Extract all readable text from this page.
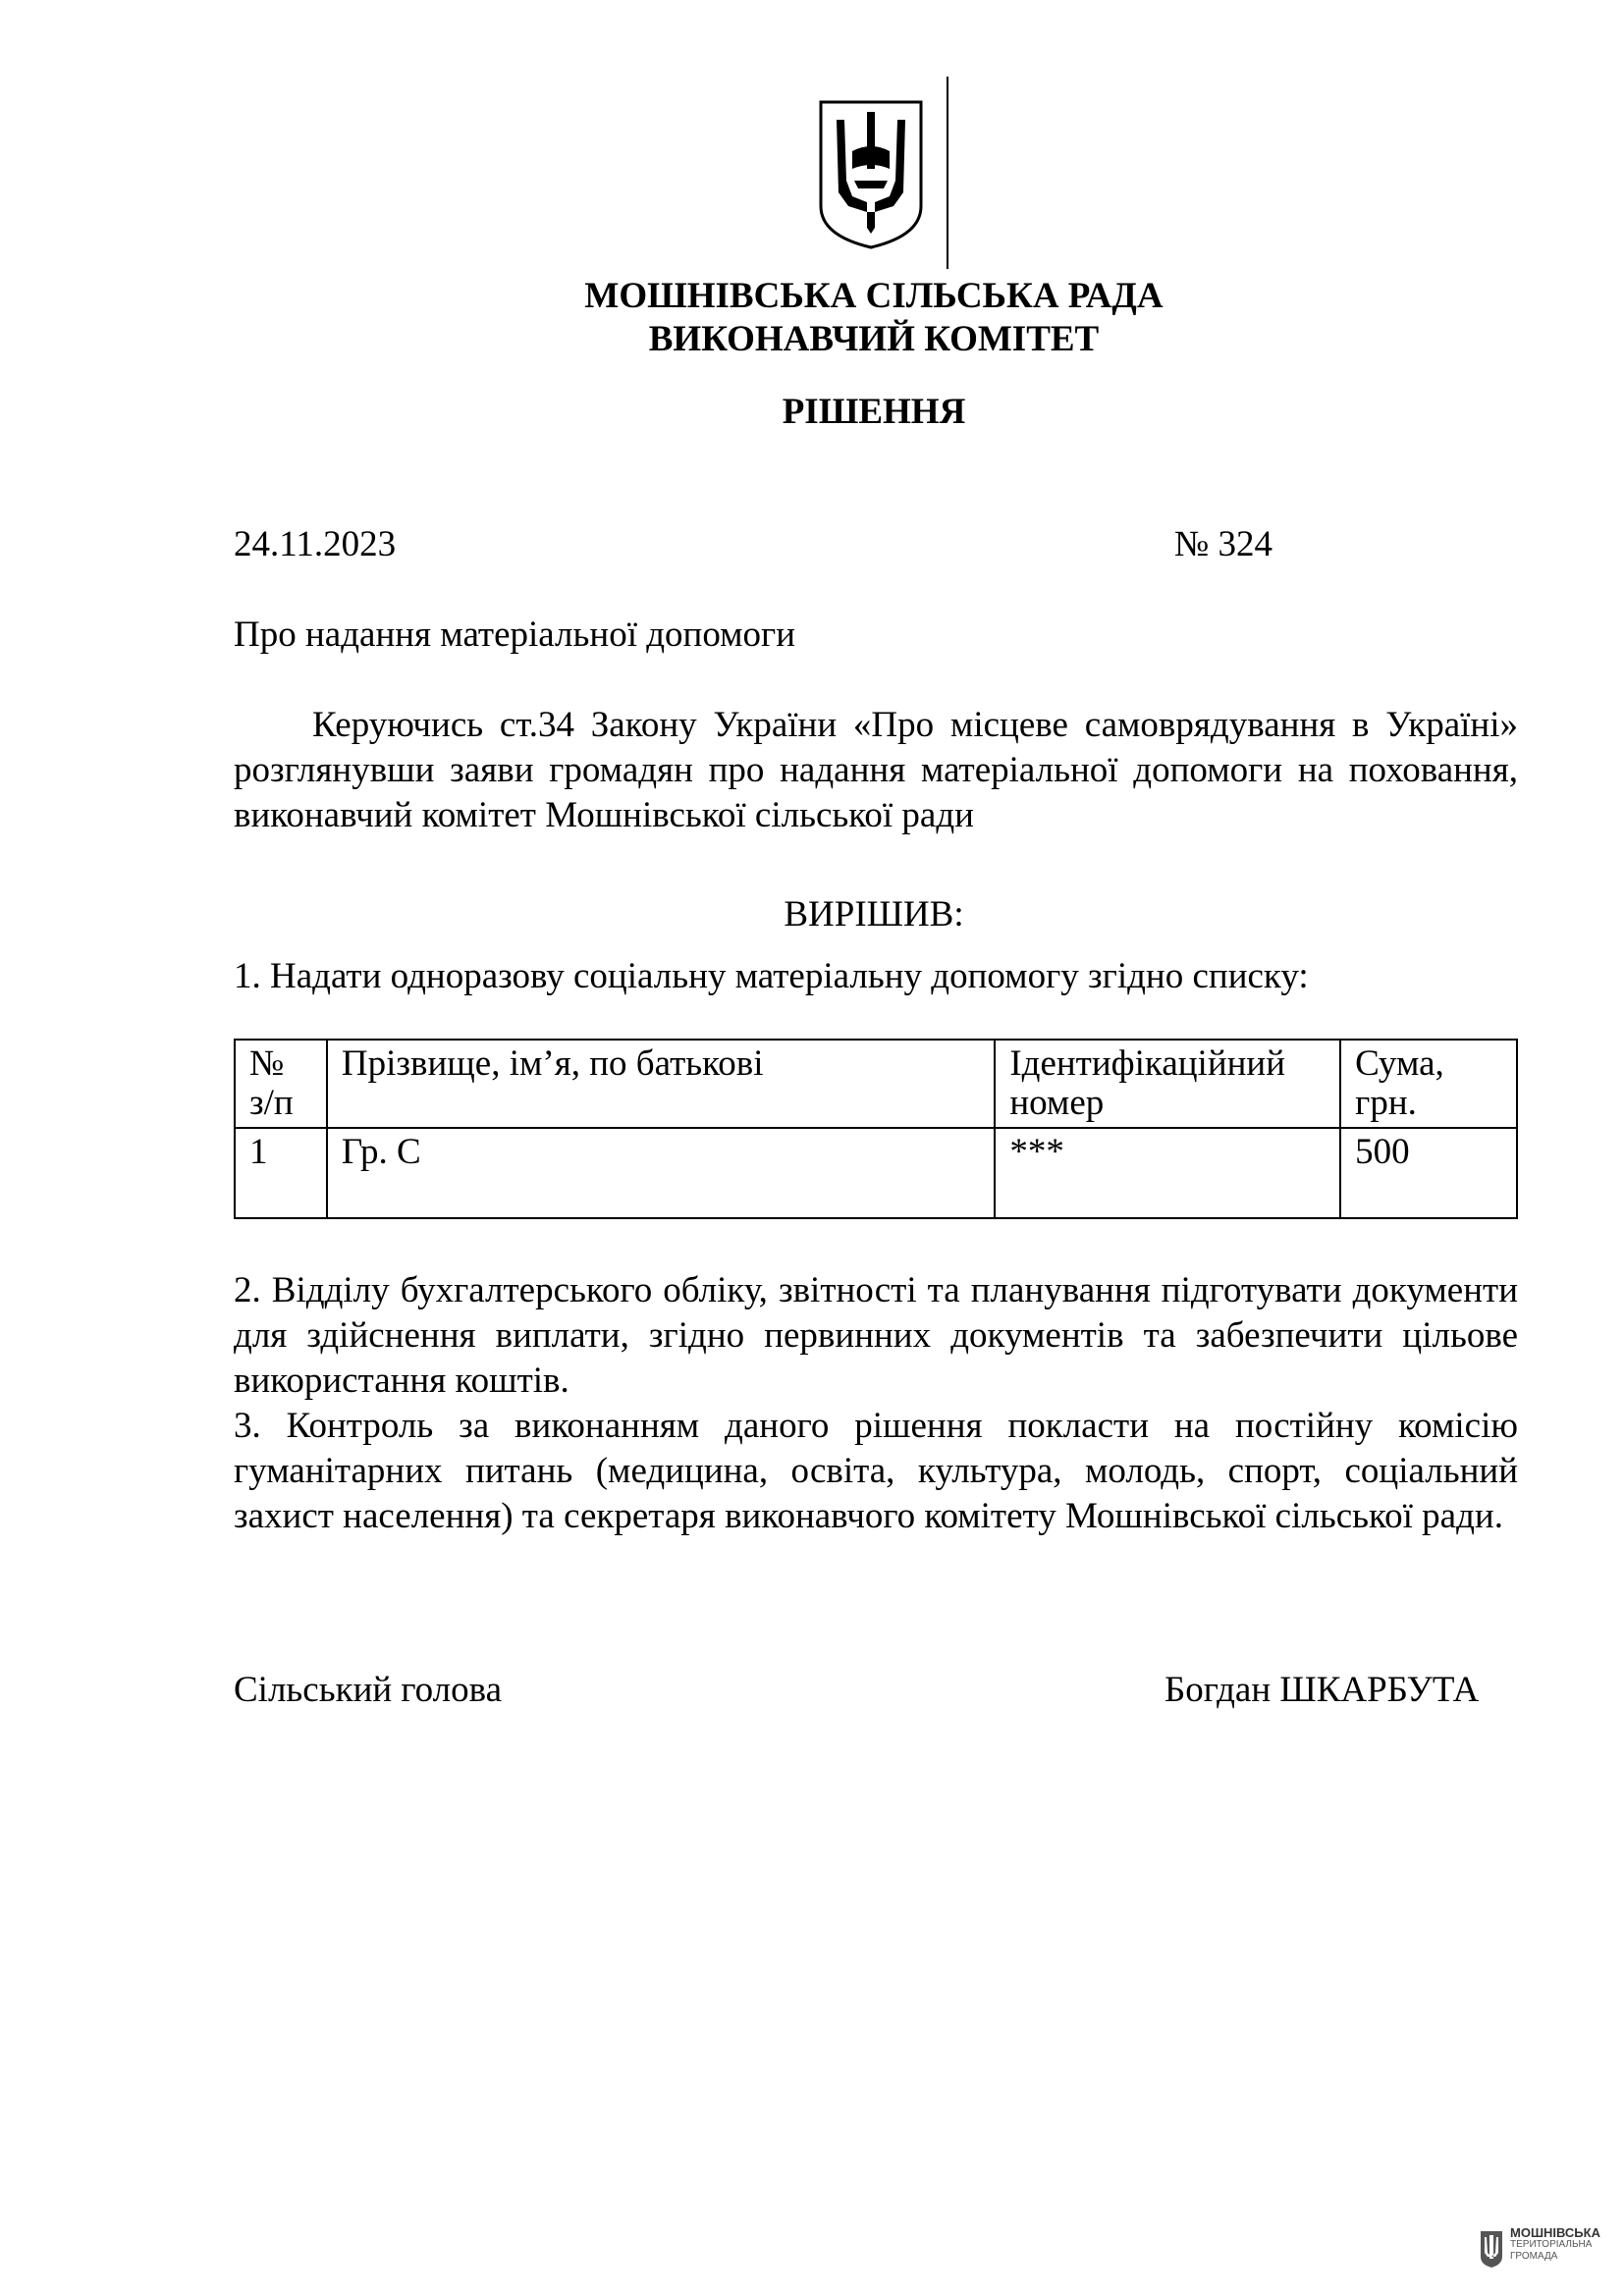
МОШНІВСЬКА СІЛЬСЬКА РАДА
ВИКОНАВЧИЙ КОМІТЕТ
РІШЕННЯ
24.11.2023	№ 324
Про надання матеріальної допомоги

Керуючись ст.34 Закону України «Про місцеве самоврядування в Україні» розглянувши заяви громадян про надання матеріальної допомоги на поховання, виконавчий комітет Мошнівської сільської ради

ВИРІШИВ:
1. Надати одноразову соціальну матеріальну допомогу згідно списку:
№ з/п	Прізвище, ім’я, по батькові	Ідентифікаційний номер	Сума, грн.
1	Гр. С	***	500

2. Відділу бухгалтерського обліку, звітності та планування підготувати документи для здійснення виплати, згідно первинних документів та забезпечити цільове використання коштів.

3. Контроль за виконанням даного рішення покласти на постійну комісію гуманітарних питань (медицина, освіта, культура, молодь, спорт, соціальний захист населення) та секретаря виконавчого комітету Мошнівської сільської ради.

Сільський голова	Богдан ШКАРБУТА
МОШНІВСЬКА
ТЕРИТОРІАЛЬНА
ГРОМАДА
